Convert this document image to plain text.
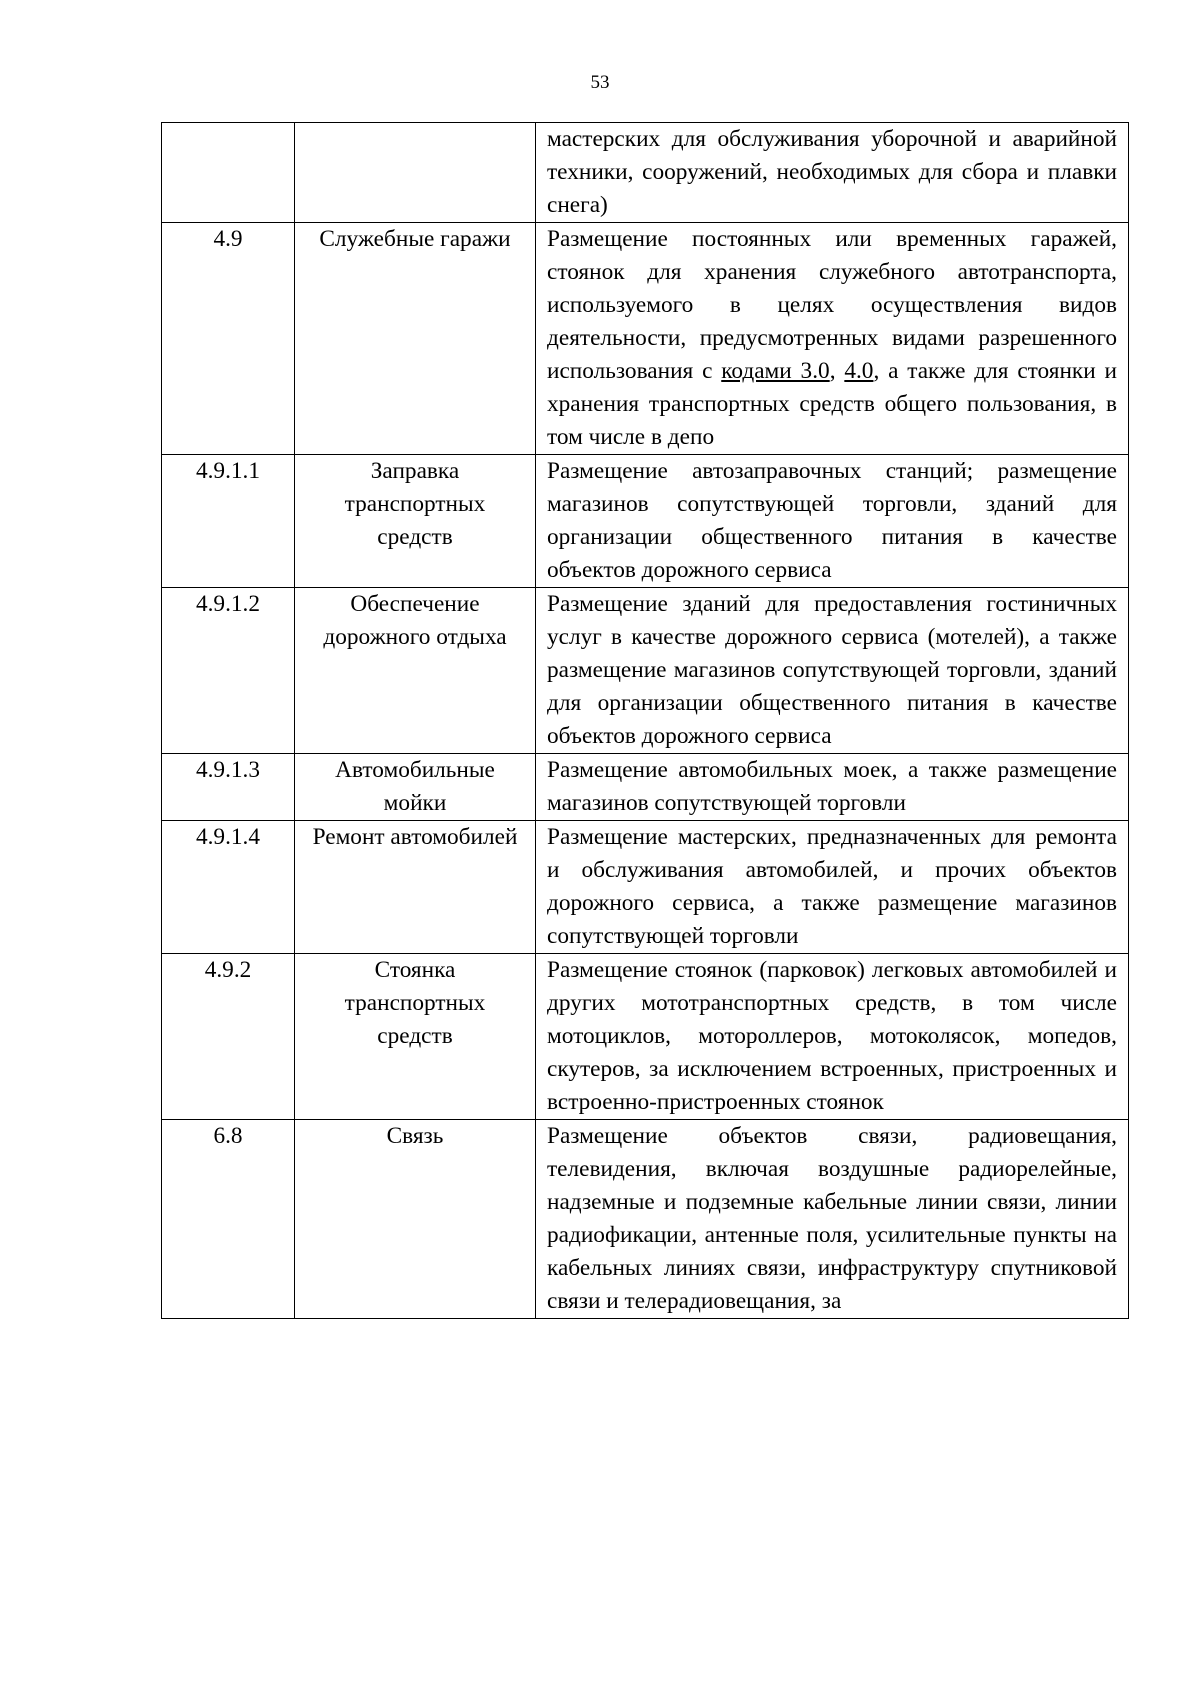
53
		мастерских для обслуживания уборочной и аварийной техники, сооружений, необходимых для сбора и плавки снега)
4.9	Служебные гаражи	Размещение постоянных или временных гаражей, стоянок для хранения служебного автотранспорта, используемого в целях осуществления видов деятельности, предусмотренных видами разрешенного использования с кодами 3.0, 4.0, а также для стоянки и хранения транспортных средств общего пользования, в том числе в депо
4.9.1.1	Заправка транспортных средств	Размещение автозаправочных станций; размещение магазинов сопутствующей торговли, зданий для организации общественного питания в качестве объектов дорожного сервиса
4.9.1.2	Обеспечение дорожного отдыха	Размещение зданий для предоставления гостиничных услуг в качестве дорожного сервиса (мотелей), а также размещение магазинов сопутствующей торговли, зданий для организации общественного питания в качестве объектов дорожного сервиса
4.9.1.3	Автомобильные мойки	Размещение автомобильных моек, а также размещение магазинов сопутствующей торговли
4.9.1.4	Ремонт автомобилей	Размещение мастерских, предназначенных для ремонта и обслуживания автомобилей, и прочих объектов дорожного сервиса, а также размещение магазинов сопутствующей торговли
4.9.2	Стоянка транспортных средств	Размещение стоянок (парковок) легковых автомобилей и других мототранспортных средств, в том числе мотоциклов, мотороллеров, мотоколясок, мопедов, скутеров, за исключением встроенных, пристроенных и встроенно-пристроенных стоянок
6.8	Связь	Размещение объектов связи, радиовещания, телевидения, включая воздушные радиорелейные, надземные и подземные кабельные линии связи, линии радиофикации, антенные поля, усилительные пункты на кабельных линиях связи, инфраструктуру спутниковой связи и телерадиовещания, за
